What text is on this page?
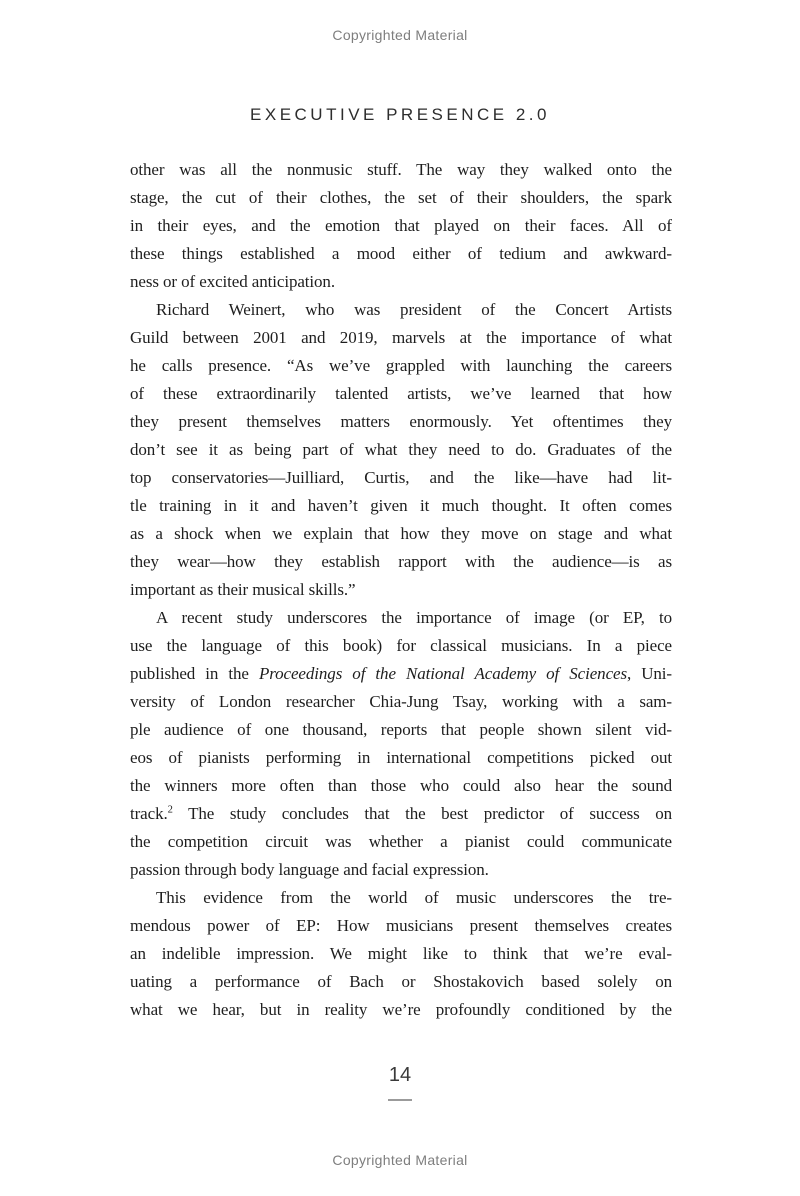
Copyrighted Material
EXECUTIVE PRESENCE 2.0
other was all the nonmusic stuff. The way they walked onto the
stage, the cut of their clothes, the set of their shoulders, the spark
in their eyes, and the emotion that played on their faces. All of
these things established a mood either of tedium and awkward-
ness or of excited anticipation.
Richard Weinert, who was president of the Concert Artists
Guild between 2001 and 2019, marvels at the importance of what
he calls presence. “As we’ve grappled with launching the careers
of these extraordinarily talented artists, we’ve learned that how
they present themselves matters enormously. Yet oftentimes they
don’t see it as being part of what they need to do. Graduates of the
top conservatories—Juilliard, Curtis, and the like—have had lit-
tle training in it and haven’t given it much thought. It often comes
as a shock when we explain that how they move on stage and what
they wear—how they establish rapport with the audience—is as
important as their musical skills.”
A recent study underscores the importance of image (or EP, to
use the language of this book) for classical musicians. In a piece
published in the Proceedings of the National Academy of Sciences, Uni-
versity of London researcher Chia-Jung Tsay, working with a sam-
ple audience of one thousand, reports that people shown silent vid-
eos of pianists performing in international competitions picked out
the winners more often than those who could also hear the sound
track.$^2$ The study concludes that the best predictor of success on
the competition circuit was whether a pianist could communicate
passion through body language and facial expression.
This evidence from the world of music underscores the tre-
mendous power of EP: How musicians present themselves creates
an indelible impression. We might like to think that we’re eval-
uating a performance of Bach or Shostakovich based solely on
what we hear, but in reality we’re profoundly conditioned by the
14
Copyrighted Material
